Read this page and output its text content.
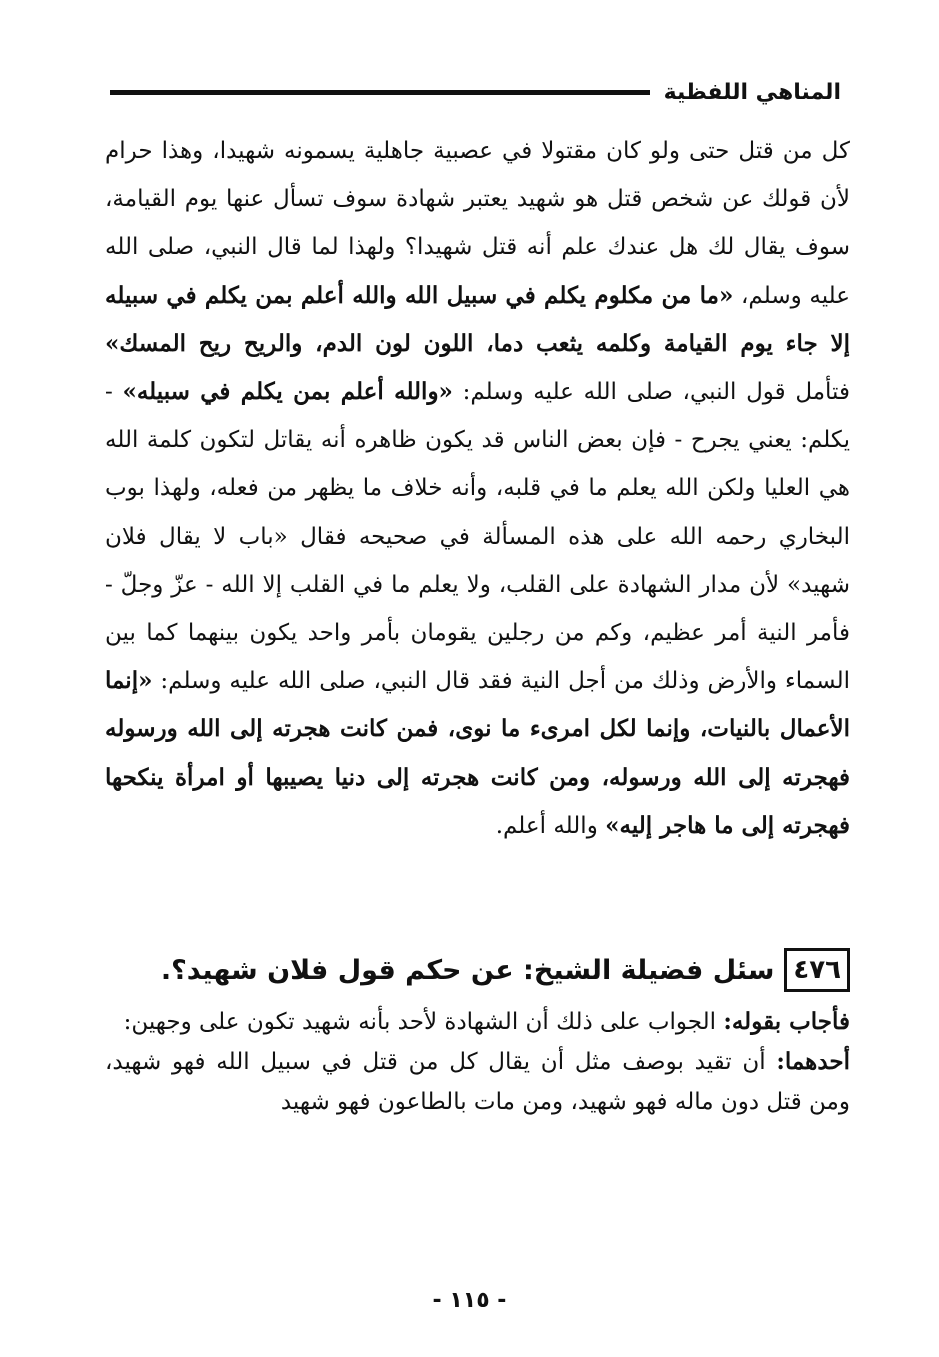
المناهي اللفظية

كل من قتل حتى ولو كان مقتولا في عصبية جاهلية يسمونه شهيدا، وهذا حرام لأن قولك عن شخص قتل هو شهيد يعتبر شهادة سوف تسأل عنها يوم القيامة، سوف يقال لك هل عندك علم أنه قتل شهيدا؟ ولهذا لما قال النبي، صلى الله عليه وسلم، «ما من مكلوم يكلم في سبيل الله والله أعلم بمن يكلم في سبيله إلا جاء يوم القيامة وكلمه يثعب دما، اللون لون الدم، والريح ريح المسك» فتأمل قول النبي، صلى الله عليه وسلم: «والله أعلم بمن يكلم في سبيله» - يكلم: يعني يجرح - فإن بعض الناس قد يكون ظاهره أنه يقاتل لتكون كلمة الله هي العليا ولكن الله يعلم ما في قلبه، وأنه خلاف ما يظهر من فعله، ولهذا بوب البخاري رحمه الله على هذه المسألة في صحيحه فقال «باب لا يقال فلان شهيد» لأن مدار الشهادة على القلب، ولا يعلم ما في القلب إلا الله - عزّ وجلّ - فأمر النية أمر عظيم، وكم من رجلين يقومان بأمر واحد يكون بينهما كما بين السماء والأرض وذلك من أجل النية فقد قال النبي، صلى الله عليه وسلم: «إنما الأعمال بالنيات، وإنما لكل امرىء ما نوى، فمن كانت هجرته إلى الله ورسوله فهجرته إلى الله ورسوله، ومن كانت هجرته إلى دنيا يصيبها أو امرأة ينكحها فهجرته إلى ما هاجر إليه» والله أعلم.

٤٧٦
سئل فضيلة الشيخ: عن حكم قول فلان شهيد؟.

فأجاب بقوله: الجواب على ذلك أن الشهادة لأحد بأنه شهيد تكون على وجهين:

أحدهما: أن تقيد بوصف مثل أن يقال كل من قتل في سبيل الله فهو شهيد، ومن قتل دون ماله فهو شهيد، ومن مات بالطاعون فهو شهيد

- ١١٥ -
